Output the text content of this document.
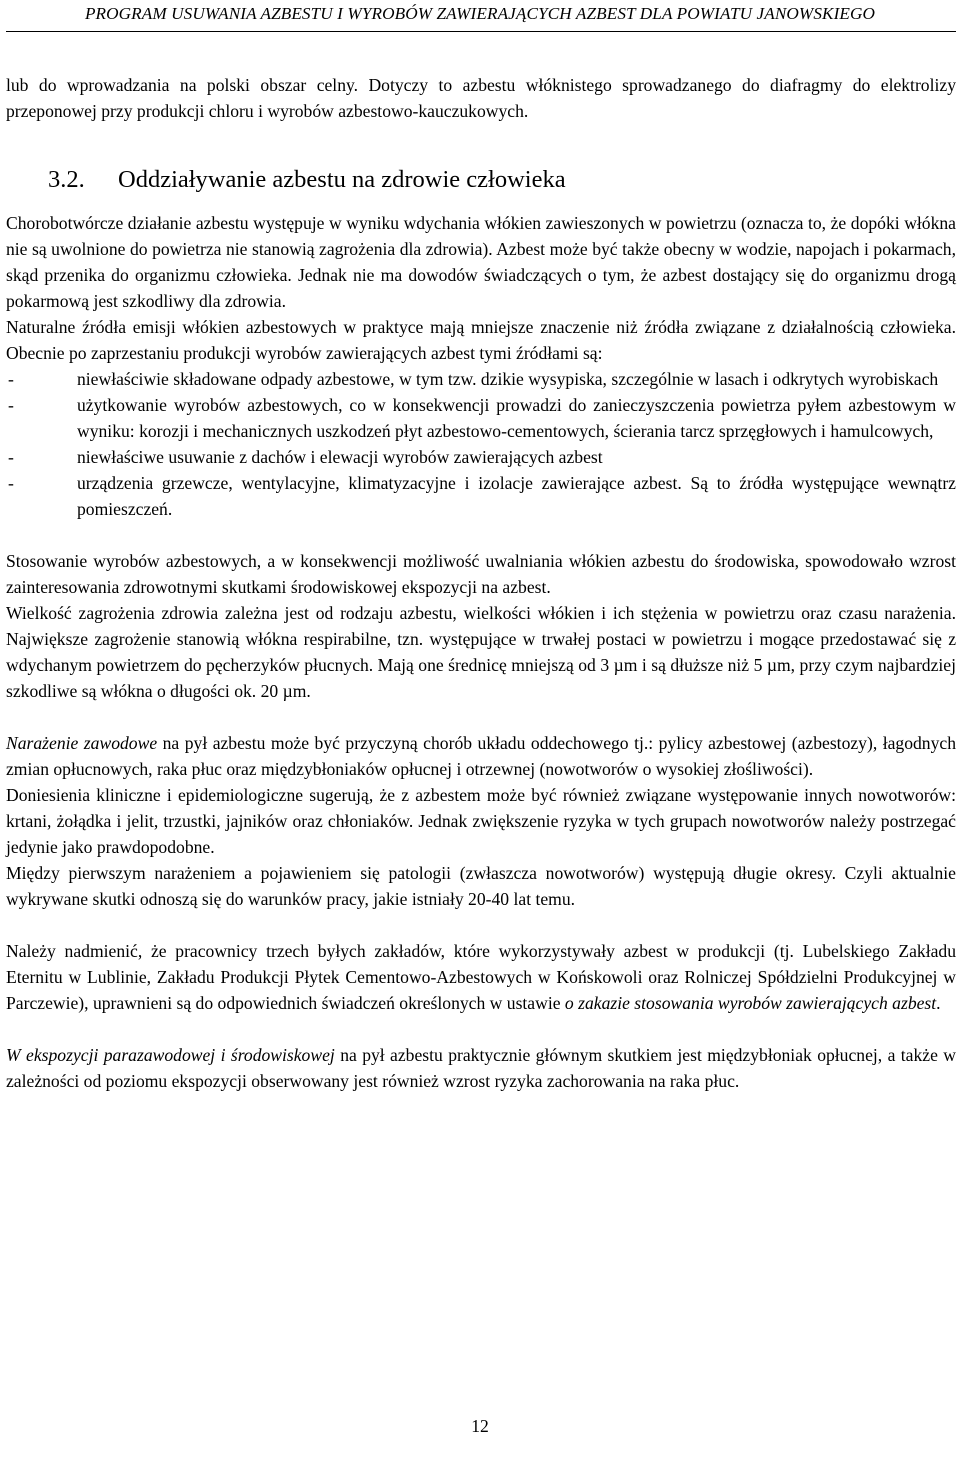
PROGRAM USUWANIA AZBESTU I WYROBÓW ZAWIERAJĄCYCH AZBEST DLA POWIATU JANOWSKIEGO

lub do wprowadzania na polski obszar celny. Dotyczy to azbestu włóknistego sprowadzanego do diafragmy do elektrolizy przeponowej przy produkcji chloru i wyrobów azbestowo-kauczukowych.

3.2. Oddziaływanie azbestu na zdrowie człowieka

Chorobotwórcze działanie azbestu występuje w wyniku wdychania włókien zawieszonych w powietrzu (oznacza to, że dopóki włókna nie są uwolnione do powietrza nie stanowią zagrożenia dla zdrowia). Azbest może być także obecny w wodzie, napojach i pokarmach, skąd przenika do organizmu człowieka. Jednak nie ma dowodów świadczących o tym, że azbest dostający się do organizmu drogą pokarmową jest szkodliwy dla zdrowia.

Naturalne źródła emisji włókien azbestowych w praktyce mają mniejsze znaczenie niż źródła związane z działalnością człowieka. Obecnie po zaprzestaniu produkcji wyrobów zawierających azbest tymi źródłami są:

- niewłaściwie składowane odpady azbestowe, w tym tzw. dzikie wysypiska, szczególnie w lasach i odkrytych wyrobiskach
- użytkowanie wyrobów azbestowych, co w konsekwencji prowadzi do zanieczyszczenia powietrza pyłem azbestowym w wyniku: korozji i mechanicznych uszkodzeń płyt azbestowo-cementowych, ścierania tarcz sprzęgłowych i hamulcowych,
- niewłaściwe usuwanie z dachów i elewacji wyrobów zawierających azbest
- urządzenia grzewcze, wentylacyjne, klimatyzacyjne i izolacje zawierające azbest. Są to źródła występujące wewnątrz pomieszczeń.

Stosowanie wyrobów azbestowych, a w konsekwencji możliwość uwalniania włókien azbestu do środowiska, spowodowało wzrost zainteresowania zdrowotnymi skutkami środowiskowej ekspozycji na azbest.

Wielkość zagrożenia zdrowia zależna jest od rodzaju azbestu, wielkości włókien i ich stężenia w powietrzu oraz czasu narażenia. Największe zagrożenie stanowią włókna respirabilne, tzn. występujące w trwałej postaci w powietrzu i mogące przedostawać się z wdychanym powietrzem do pęcherzyków płucnych. Mają one średnicę mniejszą od 3 µm i są dłuższe niż 5 µm, przy czym najbardziej szkodliwe są włókna o długości ok. 20 µm.

Narażenie zawodowe na pył azbestu może być przyczyną chorób układu oddechowego tj.: pylicy azbestowej (azbestozy), łagodnych zmian opłucnowych, raka płuc oraz międzybłoniaków opłucnej i otrzewnej (nowotworów o wysokiej złośliwości).

Doniesienia kliniczne i epidemiologiczne sugerują, że z azbestem może być również związane występowanie innych nowotworów: krtani, żołądka i jelit, trzustki, jajników oraz chłoniaków. Jednak zwiększenie ryzyka w tych grupach nowotworów należy postrzegać jedynie jako prawdopodobne.

Między pierwszym narażeniem a pojawieniem się patologii (zwłaszcza nowotworów) występują długie okresy. Czyli aktualnie wykrywane skutki odnoszą się do warunków pracy, jakie istniały 20-40 lat temu.

Należy nadmienić, że pracownicy trzech byłych zakładów, które wykorzystywały azbest w produkcji (tj. Lubelskiego Zakładu Eternitu w Lublinie, Zakładu Produkcji Płytek Cementowo-Azbestowych w Końskowoli oraz Rolniczej Spółdzielni Produkcyjnej w Parczewie), uprawnieni są do odpowiednich świadczeń określonych w ustawie o zakazie stosowania wyrobów zawierających azbest.

W ekspozycji parazawodowej i środowiskowej na pył azbestu praktycznie głównym skutkiem jest międzybłoniak opłucnej, a także w zależności od poziomu ekspozycji obserwowany jest również wzrost ryzyka zachorowania na raka płuc.

12
